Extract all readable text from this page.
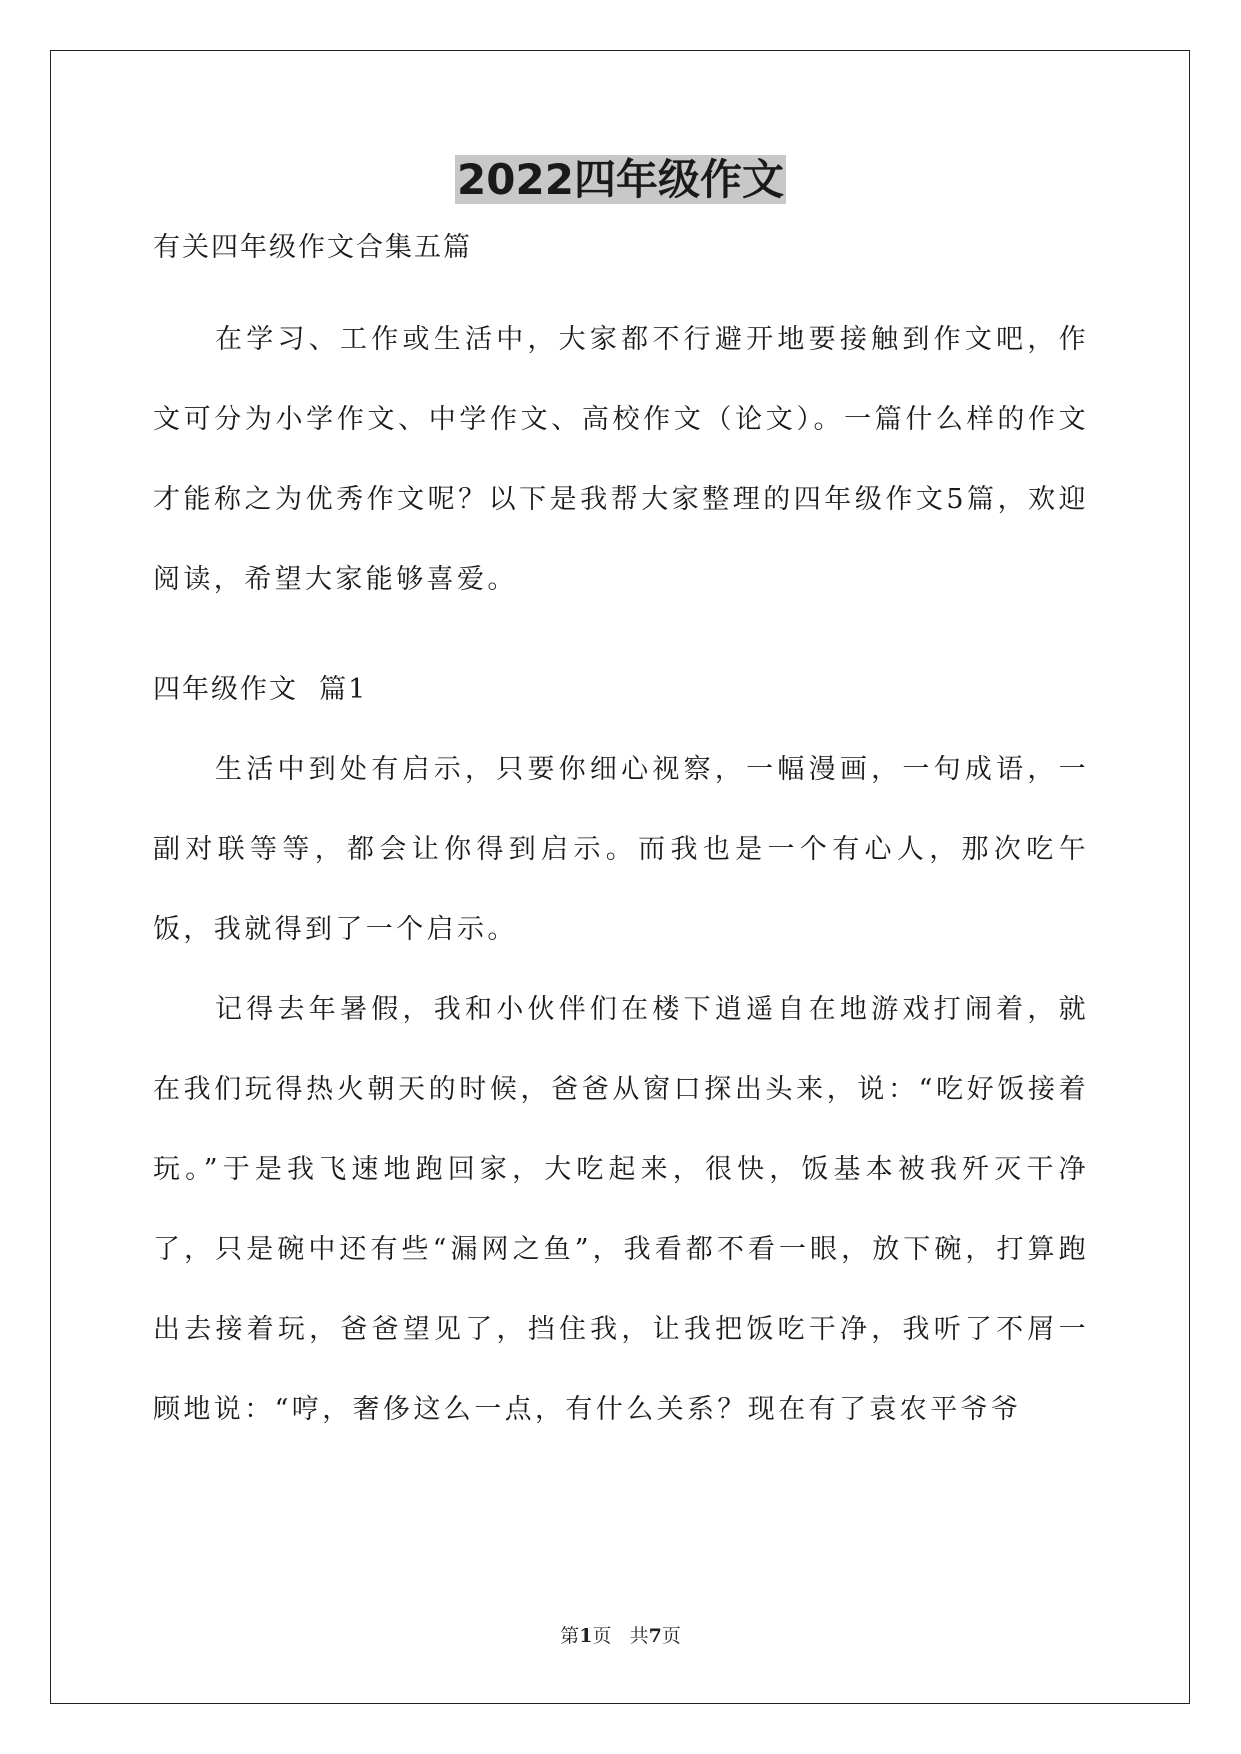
2022四年级作文

有关四年级作文合集五篇

在学习、工作或生活中，大家都不行避开地要接触到作文吧，作文可分为小学作文、中学作文、高校作文（论文）。一篇什么样的作文才能称之为优秀作文呢？以下是我帮大家整理的四年级作文5篇，欢迎阅读，希望大家能够喜爱。

四年级作文  篇1

生活中到处有启示，只要你细心视察，一幅漫画，一句成语，一副对联等等，都会让你得到启示。而我也是一个有心人，那次吃午饭，我就得到了一个启示。

记得去年暑假，我和小伙伴们在楼下逍遥自在地游戏打闹着，就在我们玩得热火朝天的时候，爸爸从窗口探出头来，说：“吃好饭接着玩。”于是我飞速地跑回家，大吃起来，很快，饭基本被我歼灭干净了，只是碗中还有些“漏网之鱼”，我看都不看一眼，放下碗，打算跑出去接着玩，爸爸望见了，挡住我，让我把饭吃干净，我听了不屑一顾地说：“哼，奢侈这么一点，有什么关系？现在有了袁农平爷爷

第1页 共7页
